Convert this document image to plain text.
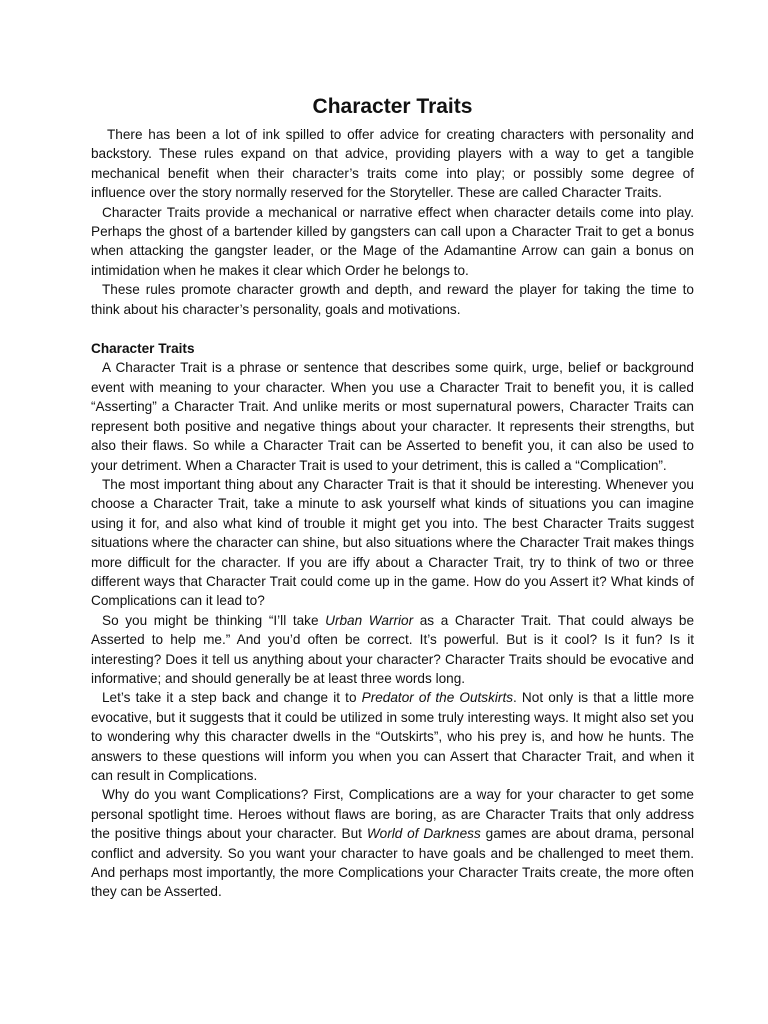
Character Traits

There has been a lot of ink spilled to offer advice for creating characters with personality and backstory. These rules expand on that advice, providing players with a way to get a tangible mechanical benefit when their character’s traits come into play; or possibly some degree of influence over the story normally reserved for the Storyteller. These are called Character Traits.

Character Traits provide a mechanical or narrative effect when character details come into play. Perhaps the ghost of a bartender killed by gangsters can call upon a Character Trait to get a bonus when attacking the gangster leader, or the Mage of the Adamantine Arrow can gain a bonus on intimidation when he makes it clear which Order he belongs to.

These rules promote character growth and depth, and reward the player for taking the time to think about his character’s personality, goals and motivations.

Character Traits

A Character Trait is a phrase or sentence that describes some quirk, urge, belief or background event with meaning to your character. When you use a Character Trait to benefit you, it is called “Asserting” a Character Trait. And unlike merits or most supernatural powers, Character Traits can represent both positive and negative things about your character. It represents their strengths, but also their flaws. So while a Character Trait can be Asserted to benefit you, it can also be used to your detriment. When a Character Trait is used to your detriment, this is called a “Complication”.

The most important thing about any Character Trait is that it should be interesting. Whenever you choose a Character Trait, take a minute to ask yourself what kinds of situations you can imagine using it for, and also what kind of trouble it might get you into. The best Character Traits suggest situations where the character can shine, but also situations where the Character Trait makes things more difficult for the character. If you are iffy about a Character Trait, try to think of two or three different ways that Character Trait could come up in the game. How do you Assert it? What kinds of Complications can it lead to?

So you might be thinking “I’ll take Urban Warrior as a Character Trait. That could always be Asserted to help me.” And you’d often be correct. It’s powerful. But is it cool? Is it fun? Is it interesting? Does it tell us anything about your character? Character Traits should be evocative and informative; and should generally be at least three words long.

Let’s take it a step back and change it to Predator of the Outskirts. Not only is that a little more evocative, but it suggests that it could be utilized in some truly interesting ways. It might also set you to wondering why this character dwells in the “Outskirts”, who his prey is, and how he hunts. The answers to these questions will inform you when you can Assert that Character Trait, and when it can result in Complications.

Why do you want Complications? First, Complications are a way for your character to get some personal spotlight time. Heroes without flaws are boring, as are Character Traits that only address the positive things about your character. But World of Darkness games are about drama, personal conflict and adversity. So you want your character to have goals and be challenged to meet them. And perhaps most importantly, the more Complications your Character Traits create, the more often they can be Asserted.
